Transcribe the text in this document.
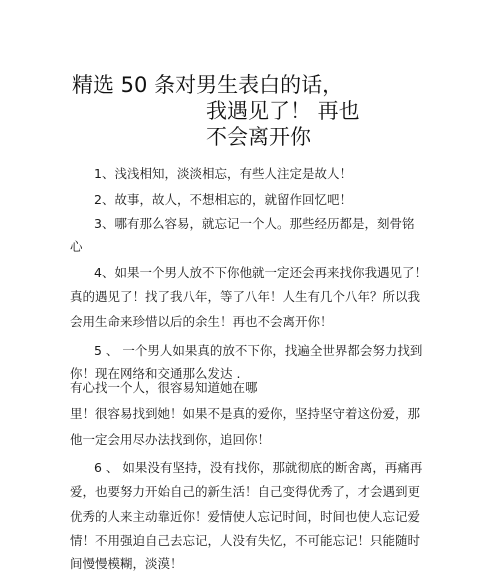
精选 50 条对男生表白的话，
我遇见了！ 再也
不会离开你

1、浅浅相知，淡淡相忘，有些人注定是故人！

2、故事，故人，不想相忘的，就留作回忆吧！

3、哪有那么容易，就忘记一个人。那些经历都是，刻骨铭

心

4、如果一个男人放不下你他就一定还会再来找你我遇见了！

真的遇见了！找了我八年，等了八年！人生有几个八年？所以我

会用生命来珍惜以后的余生！再也不会离开你！

5 、 一个男人如果真的放不下你，找遍全世界都会努力找到

你！现在网络和交通那么发达 .

有心找一个人，很容易知道她在哪

里！很容易找到她！如果不是真的爱你，坚持坚守着这份爱，那

他一定会用尽办法找到你，追回你！

6 、 如果没有坚持，没有找你，那就彻底的断舍离，再痛再

爱，也要努力开始自己的新生活！自己变得优秀了，才会遇到更

优秀的人来主动靠近你！爱情使人忘记时间，时间也使人忘记爱

情！不用强迫自己去忘记，人没有失忆，不可能忘记！只能随时

间慢慢模糊，淡漠！
